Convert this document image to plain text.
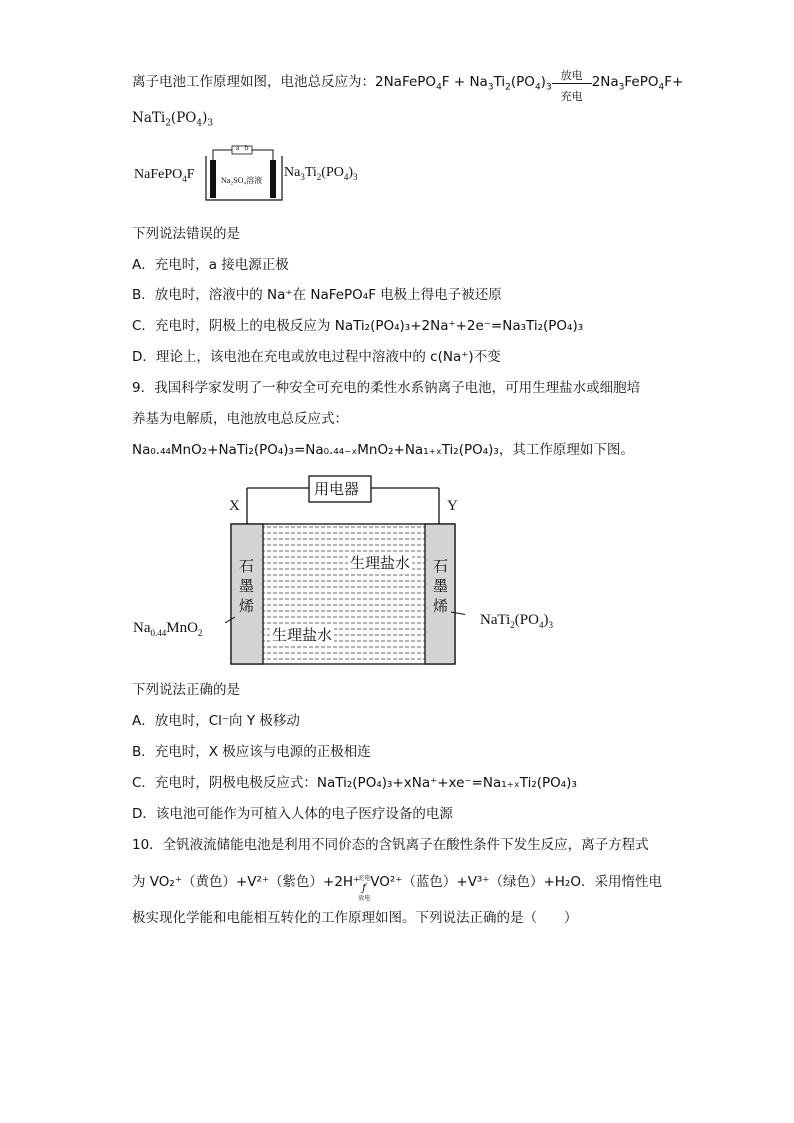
离子电池工作原理如图，电池总反应为：2NaFePO$_4$F + $Na_3Ti_2(PO_4)_3$
放电
充电
$2Na_3FePO_4F+$
$NaTi_2(PO_4)_3$
NaFePO$_4$F	$Na_3Ti_2(PO_4)_3$
a b
Na₂SO₄溶液
下列说法错误的是
A．充电时，a 接电源正极
B．放电时，溶液中的 Na⁺在 NaFePO₄F 电极上得电子被还原
C．充电时，阴极上的电极反应为 NaTi₂(PO₄)₃+2Na⁺+2e⁻=Na₃Ti₂(PO₄)₃
D．理论上，该电池在充电或放电过程中溶液中的 c(Na⁺)不变
9．我国科学家发明了一种安全可充电的柔性水系钠离子电池，可用生理盐水或细胞培
养基为电解质，电池放电总反应式：
Na₀.₄₄MnO₂+NaTi₂(PO₄)₃=Na₀.₄₄₋ₓMnO₂+Na₁₊ₓTi₂(PO₄)₃，其工作原理如下图。
用电器
X	Y
石
墨
烯
石
墨
烯
生理盐水
生理盐水
$Na_{0.44}MnO_2$
$NaTi_2(PO_4)_3$
下列说法正确的是
A．放电时，Cl⁻向 Y 极移动
B．充电时，X 极应该与电源的正极相连
C．充电时，阴极电极反应式：NaTi₂(PO₄)₃+xNa⁺+xe⁻=Na₁₊ₓTi₂(PO₄)₃
D．该电池可能作为可植入人体的电子医疗设备的电源
10．全钒液流储能电池是利用不同价态的含钒离子在酸性条件下发生反应，离子方程式
为 VO₂⁺（黄色）+V²⁺（紫色）+2H⁺
充电
ƒ
放电
VO²⁺（蓝色）+V³⁺（绿色）+H₂O．采用惰性电
极实现化学能和电能相互转化的工作原理如图。下列说法正确的是（　　）
